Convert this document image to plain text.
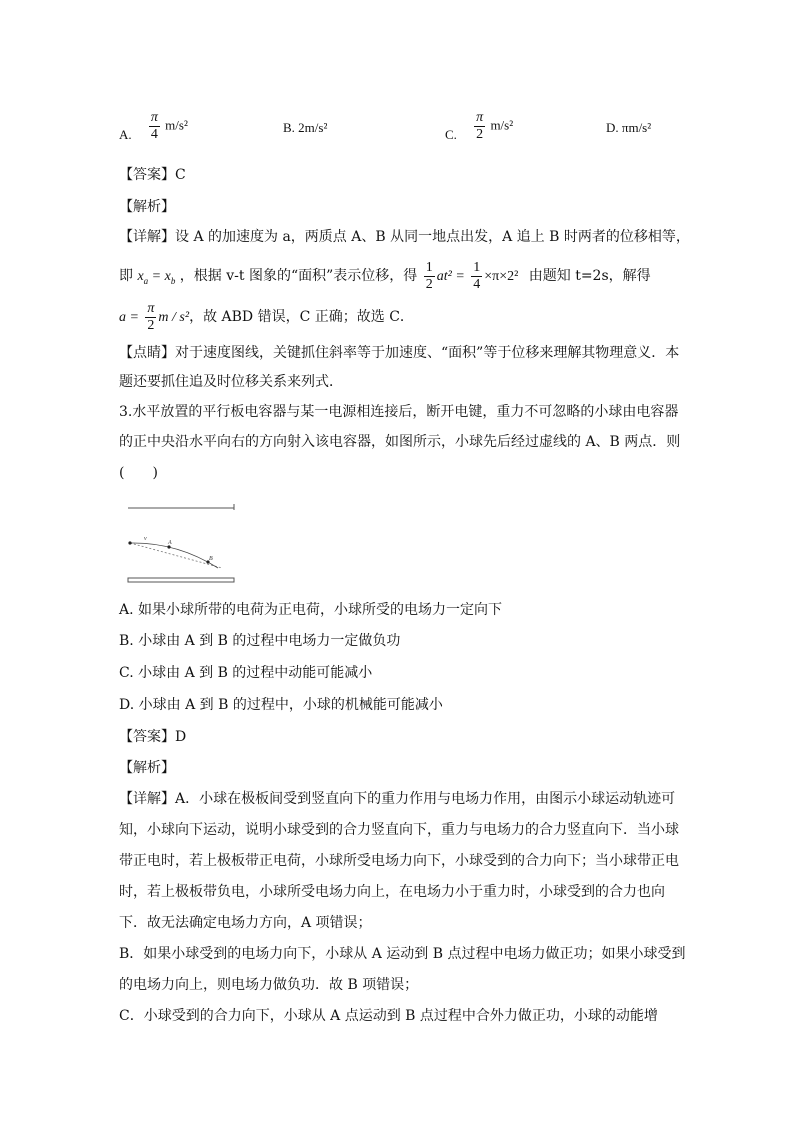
A. $\frac{\pi}{4} m/s^2$	B. 2m/s²	C. $\frac{\pi}{2} m/s^2$	D. πm/s²
【答案】C
【解析】
【详解】设 A 的加速度为 a，两质点 A、B 从同一地点出发，A 追上 B 时两者的位移相等，
即 $x_a = x_b$ ，根据 v-t 图象的“面积”表示位移，得 $\frac{1}{2} at^2 = \frac{1}{4} \times\pi\times 2^2$ 由题知 t=2s，解得
$a = \frac{\pi}{2}$ m / s²，故 ABD 错误，C 正确；故选 C．
【点睛】对于速度图线，关键抓住斜率等于加速度、“面积”等于位移来理解其物理意义．本
题还要抓住追及时位移关系来列式．
3.水平放置的平行板电容器与某一电源相连接后，断开电键，重力不可忽略的小球由电容器
的正中央沿水平向右的方向射入该电容器，如图所示，小球先后经过虚线的 A、B 两点．则
(　　)
v
A
B
A. 如果小球所带的电荷为正电荷，小球所受的电场力一定向下
B. 小球由 A 到 B 的过程中电场力一定做负功
C. 小球由 A 到 B 的过程中动能可能减小
D. 小球由 A 到 B 的过程中，小球的机械能可能减小
【答案】D
【解析】
【详解】A．小球在极板间受到竖直向下的重力作用与电场力作用，由图示小球运动轨迹可
知，小球向下运动，说明小球受到的合力竖直向下，重力与电场力的合力竖直向下．当小球
带正电时，若上极板带正电荷，小球所受电场力向下，小球受到的合力向下；当小球带正电
时，若上极板带负电，小球所受电场力向上，在电场力小于重力时，小球受到的合力也向
下．故无法确定电场力方向，A 项错误；
B．如果小球受到的电场力向下，小球从 A 运动到 B 点过程中电场力做正功；如果小球受到
的电场力向上，则电场力做负功．故 B 项错误；
C．小球受到的合力向下，小球从 A 点运动到 B 点过程中合外力做正功，小球的动能增
